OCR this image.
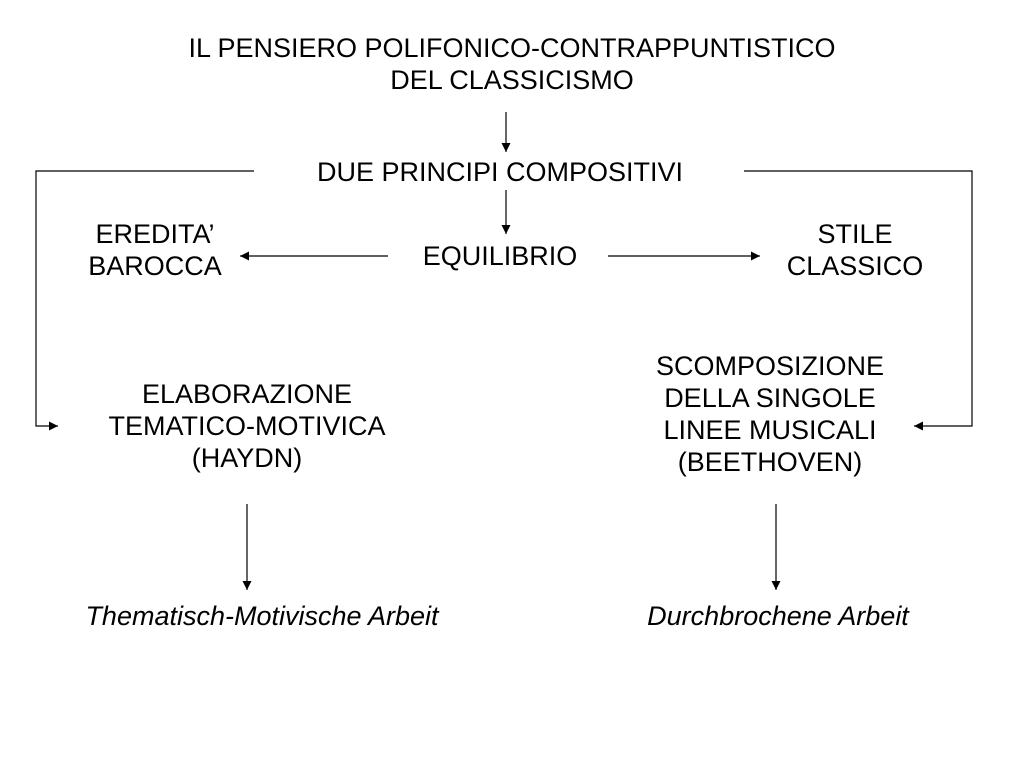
IL PENSIERO POLIFONICO-CONTRAPPUNTISTICO
DEL CLASSICISMO
DUE PRINCIPI COMPOSITIVI
EREDITA’
BAROCCA	EQUILIBRIO
STILE
CLASSICO
ELABORAZIONE
TEMATICO-MOTIVICA
(HAYDN)
SCOMPOSIZIONE
DELLA SINGOLE
LINEE MUSICALI
(BEETHOVEN)
Thematisch-Motivische Arbeit	Durchbrochene Arbeit
